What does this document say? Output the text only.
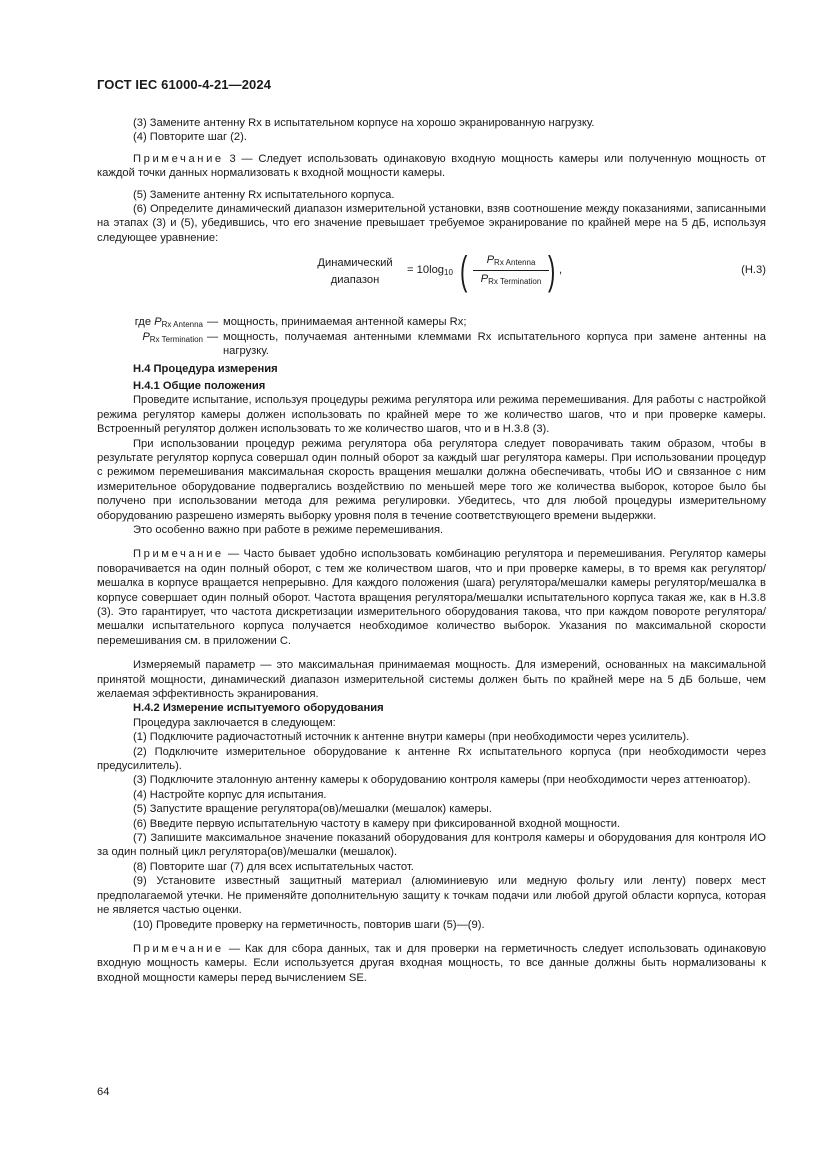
ГОСТ IEC 61000-4-21—2024

(3) Замените антенну Rx в испытательном корпусе на хорошо экранированную нагрузку.

(4) Повторите шаг (2).

Примечание 3 — Следует использовать одинаковую входную мощность камеры или полученную мощность от каждой точки данных нормализовать к входной мощности камеры.

(5) Замените антенну Rx испытательного корпуса.

(6) Определите динамический диапазон измерительной установки, взяв соотношение между показаниями, записанными на этапах (3) и (5), убедившись, что его значение превышает требуемое экранирование по крайней мере на 5 дБ, используя следующее уравнение:

Динамический
диапазон
= $10\log_{10}$ (	$P_{Rx Antenna}$
$P_{Rx Termination}$ ) ,	(H.3)
где $P_{Rx Antenna}$ — мощность, принимаемая антенной камеры Rx;
$P_{Rx Termination}$ — мощность, получаемая антенными клеммами Rx испытательного корпуса при замене антенны на нагрузку.

H.4 Процедура измерения

H.4.1 Общие положения

Проведите испытание, используя процедуры режима регулятора или режима перемешивания. Для работы с настройкой режима регулятор камеры должен использовать по крайней мере то же количество шагов, что и при проверке камеры. Встроенный регулятор должен использовать то же количество шагов, что и в H.3.8 (3).

При использовании процедур режима регулятора оба регулятора следует поворачивать таким образом, чтобы в результате регулятор корпуса совершал один полный оборот за каждый шаг регулятора камеры. При использовании процедур с режимом перемешивания максимальная скорость вращения мешалки должна обеспечивать, чтобы ИО и связанное с ним измерительное оборудование подвергались воздействию по меньшей мере того же количества выборок, которое было бы получено при использовании метода для режима регулировки. Убедитесь, что для любой процедуры измерительному оборудованию разрешено измерять выборку уровня поля в течение соответствующего времени выдержки.

Это особенно важно при работе в режиме перемешивания.

Примечание — Часто бывает удобно использовать комбинацию регулятора и перемешивания. Регулятор камеры поворачивается на один полный оборот, с тем же количеством шагов, что и при проверке камеры, в то время как регулятор/мешалка в корпусе вращается непрерывно. Для каждого положения (шага) регулятора/мешалки камеры регулятор/мешалка в корпусе совершает один полный оборот. Частота вращения регулятора/мешалки испытательного корпуса такая же, как в H.3.8 (3). Это гарантирует, что частота дискретизации измерительного оборудования такова, что при каждом повороте регулятора/мешалки испытательного корпуса получается необходимое количество выборок. Указания по максимальной скорости перемешивания см. в приложении С.

Измеряемый параметр — это максимальная принимаемая мощность. Для измерений, основанных на максимальной принятой мощности, динамический диапазон измерительной системы должен быть по крайней мере на 5 дБ больше, чем желаемая эффективность экранирования.

H.4.2 Измерение испытуемого оборудования

Процедура заключается в следующем:

(1) Подключите радиочастотный источник к антенне внутри камеры (при необходимости через усилитель).

(2) Подключите измерительное оборудование к антенне Rx испытательного корпуса (при необходимости через предусилитель).

(3) Подключите эталонную антенну камеры к оборудованию контроля камеры (при необходимости через аттенюатор).

(4) Настройте корпус для испытания.

(5) Запустите вращение регулятора(ов)/мешалки (мешалок) камеры.

(6) Введите первую испытательную частоту в камеру при фиксированной входной мощности.

(7) Запишите максимальное значение показаний оборудования для контроля камеры и оборудования для контроля ИО за один полный цикл регулятора(ов)/мешалки (мешалок).

(8) Повторите шаг (7) для всех испытательных частот.

(9) Установите известный защитный материал (алюминиевую или медную фольгу или ленту) поверх мест предполагаемой утечки. Не применяйте дополнительную защиту к точкам подачи или любой другой области корпуса, которая не является частью оценки.

(10) Проведите проверку на герметичность, повторив шаги (5)—(9).

Примечание — Как для сбора данных, так и для проверки на герметичность следует использовать одинаковую входную мощность камеры. Если используется другая входная мощность, то все данные должны быть нормализованы к входной мощности камеры перед вычислением SE.

64
